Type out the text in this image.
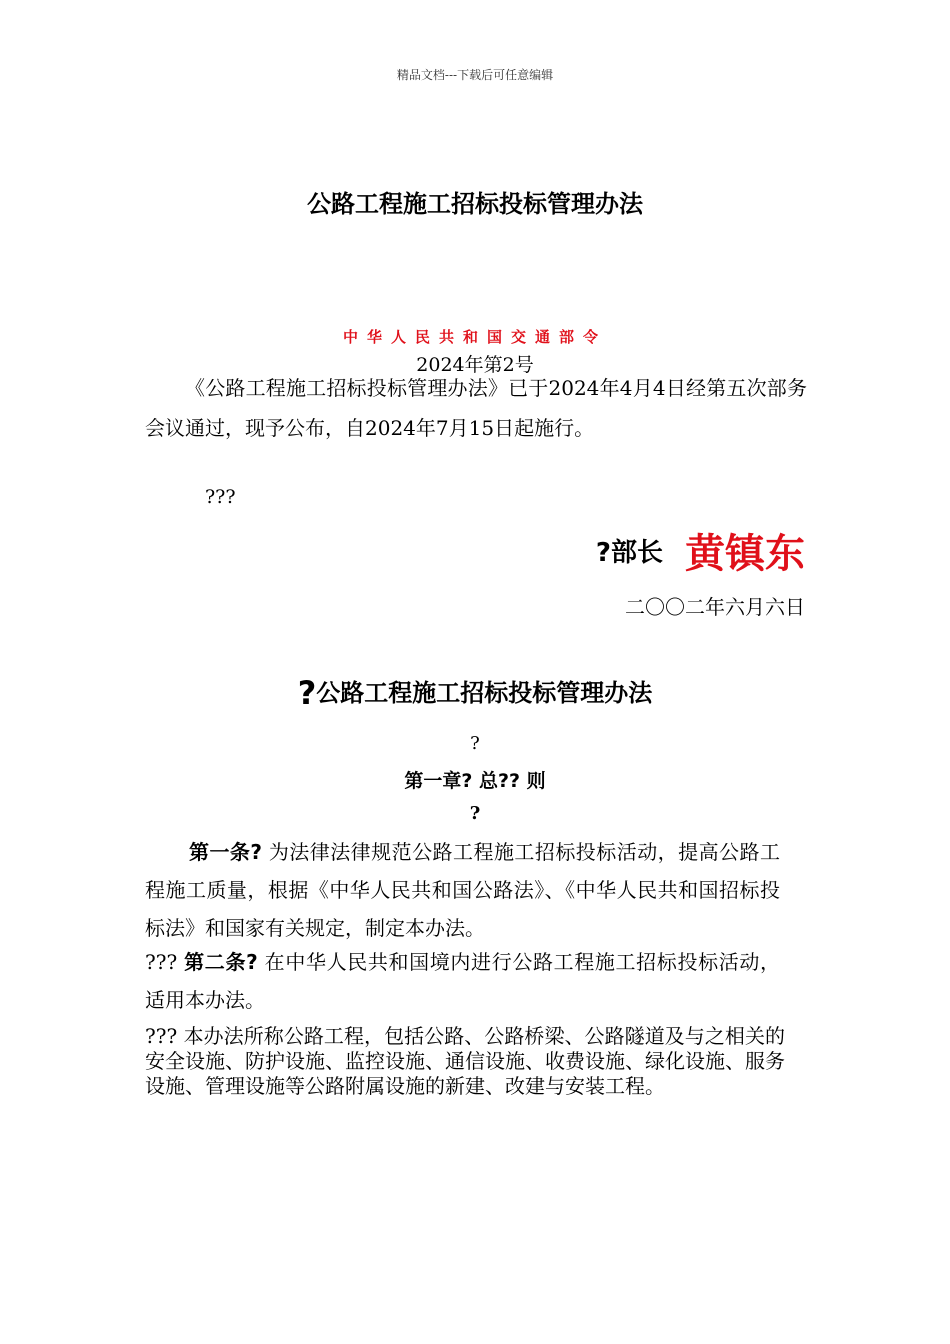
精品文档---下载后可任意编辑
公路工程施工招标投标管理办法
中华人民共和国交通部令
2024年第2号
《公路工程施工招标投标管理办法》已于2024年4月4日经第五次部务会议通过，现予公布，自2024年7月15日起施行。
???
?部长 黄镇东
二〇〇二年六月六日
?公路工程施工招标投标管理办法
?
第一章? 总?? 则
?
第一条? 为法律法律规范公路工程施工招标投标活动，提高公路工程施工质量，根据《中华人民共和国公路法》、《中华人民共和国招标投标法》和国家有关规定，制定本办法。
??? 第二条? 在中华人民共和国境内进行公路工程施工招标投标活动，适用本办法。
??? 本办法所称公路工程，包括公路、公路桥梁、公路隧道及与之相关的安全设施、防护设施、监控设施、通信设施、收费设施、绿化设施、服务设施、管理设施等公路附属设施的新建、改建与安装工程。
